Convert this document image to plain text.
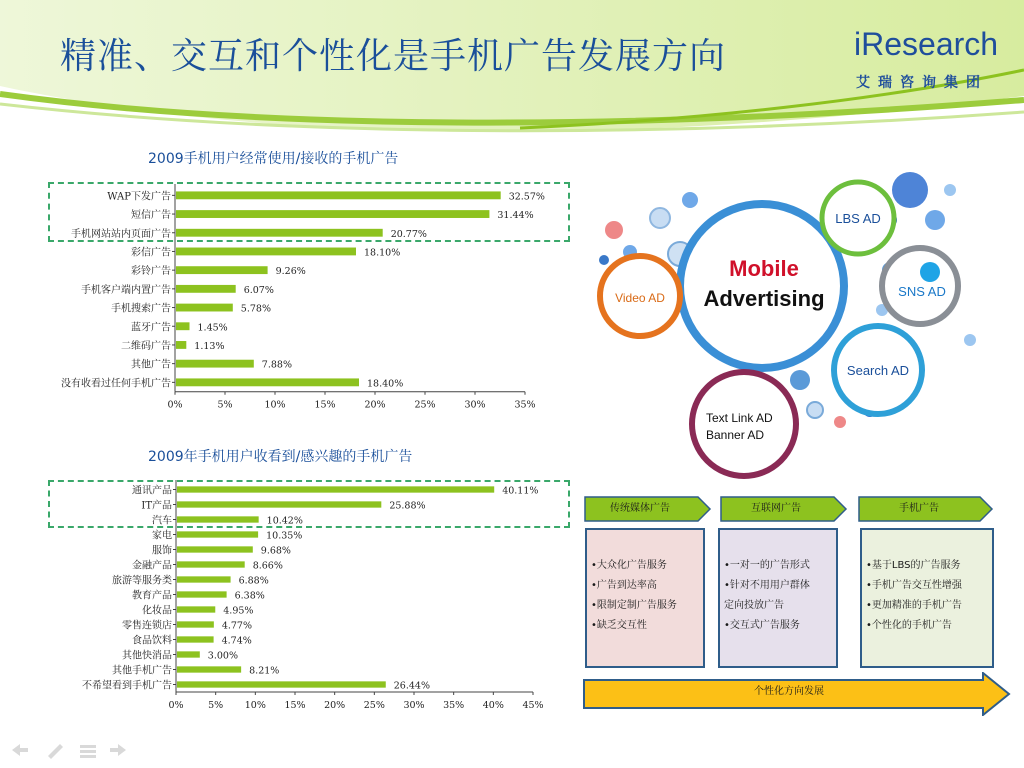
精准、交互和个性化是手机广告发展方向	iResearch
艾瑞咨询集团
2009手机用户经常使用/接收的手机广告
WAP下发广告	32.57%
短信广告	31.44%
手机网站站内页面广告	20.77%
彩信广告	18.10%
彩铃广告	9.26%
手机客户端内置广告	6.07%
手机搜索广告	5.78%
蓝牙广告	1.45%
二维码广告 1.13%
其他广告	7.88%
没有收看过任何手机广告	18.40%
0%	5%	10%	15%	20%	25%	30%	35%
2009年手机用户收看到/感兴趣的手机广告
通讯产品	40.11%
IT产品	25.88%
汽车	10.42%
家电	10.35%
服饰	9.68%
金融产品	8.66%
旅游等服务类	6.88%
教育产品	6.38%
化妆品	4.95%
零售连锁店	4.77%
食品饮料	4.74%
其他快消品	3.00%
其他手机广告	8.21%
不希望看到手机广告	26.44%
0%	5% 10% 15% 20% 25% 30% 35% 40% 45%
Mobile
Advertising
LBS AD
SNS AD
Search AD
Text Link AD
Banner AD
Video AD
传统媒体广告	互联网广告	手机广告
•大众化广告服务
•广告到达率高
•限制定制广告服务
•缺乏交互性
•一对一的广告形式
•针对不用用户群体
定向投放广告
•交互式广告服务
•基于LBS的广告服务
•手机广告交互性增强
•更加精准的手机广告
•个性化的手机广告
个性化方向发展
